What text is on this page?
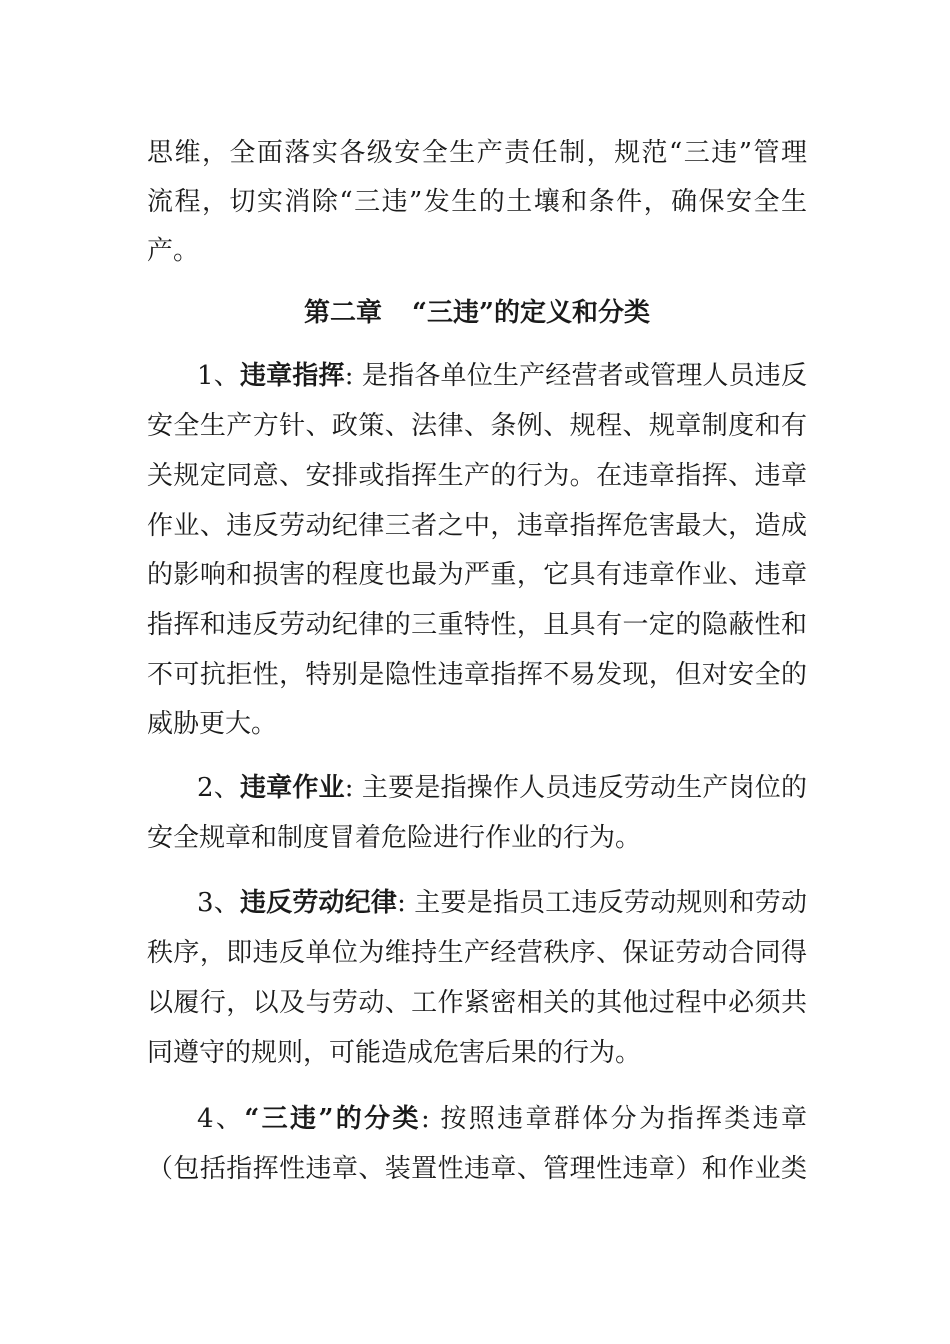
思维，全面落实各级安全生产责任制，规范“三违”管理
流程，切实消除“三违”发生的土壤和条件，确保安全生
产。
第二章 “三违”的定义和分类
1、违章指挥: 是指各单位生产经营者或管理人员违反
安全生产方针、政策、法律、条例、规程、规章制度和有
关规定同意、安排或指挥生产的行为。在违章指挥、违章
作业、违反劳动纪律三者之中，违章指挥危害最大，造成
的影响和损害的程度也最为严重，它具有违章作业、违章
指挥和违反劳动纪律的三重特性，且具有一定的隐蔽性和
不可抗拒性，特别是隐性违章指挥不易发现，但对安全的
威胁更大。
2、违章作业: 主要是指操作人员违反劳动生产岗位的
安全规章和制度冒着危险进行作业的行为。
3、违反劳动纪律: 主要是指员工违反劳动规则和劳动
秩序，即违反单位为维持生产经营秩序、保证劳动合同得
以履行，以及与劳动、工作紧密相关的其他过程中必须共
同遵守的规则，可能造成危害后果的行为。
4、“三违”的分类: 按照违章群体分为指挥类违章
（包括指挥性违章、装置性违章、管理性违章）和作业类
